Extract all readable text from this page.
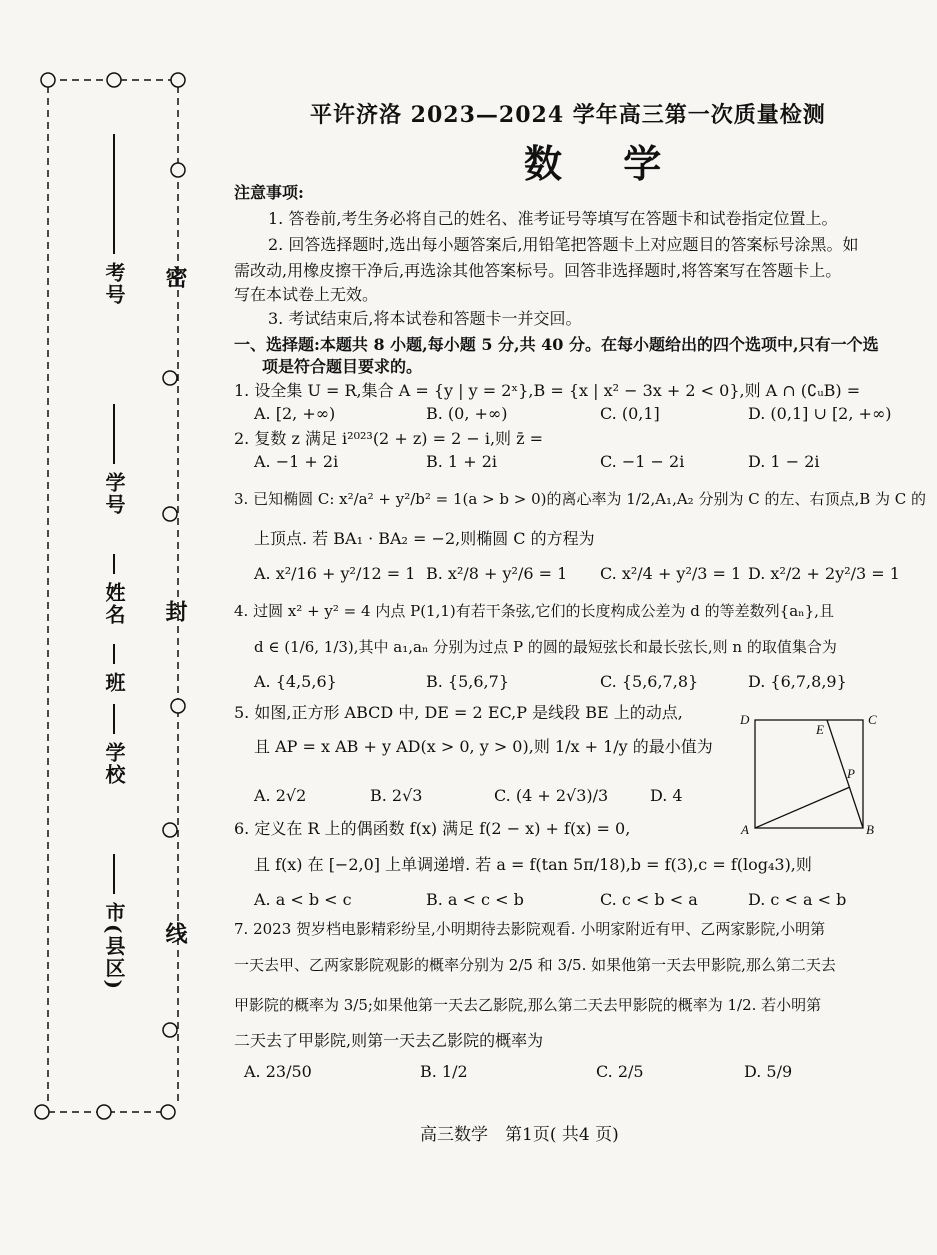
考号
学号
姓名
班
学校
市(县区)
密
封
线
平许济洛 2023—2024 学年高三第一次质量检测
数 学
注意事项:
1. 答卷前,考生务必将自己的姓名、准考证号等填写在答题卡和试卷指定位置上。
2. 回答选择题时,选出每小题答案后,用铅笔把答题卡上对应题目的答案标号涂黑。如
需改动,用橡皮擦干净后,再选涂其他答案标号。回答非选择题时,将答案写在答题卡上。
写在本试卷上无效。
3. 考试结束后,将本试卷和答题卡一并交回。
一、选择题:本题共 8 小题,每小题 5 分,共 40 分。在每小题给出的四个选项中,只有一个选
项是符合题目要求的。
1. 设全集 U = R,集合 A = {y | y = 2ˣ},B = {x | x² − 3x + 2 < 0},则 A ∩ (∁ᵤB) =
A. [2, +∞)	B. (0, +∞)	C. (0,1]	D. (0,1] ∪ [2, +∞)
2. 复数 z 满足 i²⁰²³(2 + z) = 2 − i,则 z̄ =
A. −1 + 2i	B. 1 + 2i	C. −1 − 2i	D. 1 − 2i
3. 已知椭圆 C: x²/a² + y²/b² = 1(a > b > 0)的离心率为 1/2,A₁,A₂ 分别为 C 的左、右顶点,B 为 C 的
上顶点. 若 BA₁ · BA₂ = −2,则椭圆 C 的方程为
A. x²/16 + y²/12 = 1 B. x²/8 + y²/6 = 1 C. x²/4 + y²/3 = 1 D. x²/2 + 2y²/3 = 1
4. 过圆 x² + y² = 4 内点 P(1,1)有若干条弦,它们的长度构成公差为 d 的等差数列{aₙ},且
d ∈ (1/6, 1/3),其中 a₁,aₙ 分别为过点 P 的圆的最短弦长和最长弦长,则 n 的取值集合为
A. {4,5,6}	B. {5,6,7}	C. {5,6,7,8}	D. {6,7,8,9}
5. 如图,正方形 ABCD 中, DE = 2 EC,P 是线段 BE 上的动点,
且 AP = x AB + y AD(x > 0, y > 0),则 1/x + 1/y 的最小值为
A. 2√2	B. 2√3	C. (4 + 2√3)/3	D. 4
D	C
E
P
A	B
6. 定义在 R 上的偶函数 f(x) 满足 f(2 − x) + f(x) = 0,
且 f(x) 在 [−2,0] 上单调递增. 若 a = f(tan 5π/18),b = f(3),c = f(log₄3),则
A. a < b < c	B. a < c < b	C. c < b < a	D. c < a < b
7. 2023 贺岁档电影精彩纷呈,小明期待去影院观看. 小明家附近有甲、乙两家影院,小明第
一天去甲、乙两家影院观影的概率分别为 2/5 和 3/5. 如果他第一天去甲影院,那么第二天去
甲影院的概率为 3/5;如果他第一天去乙影院,那么第二天去甲影院的概率为 1/2. 若小明第
二天去了甲影院,则第一天去乙影院的概率为
A. 23/50	B. 1/2	C. 2/5	D. 5/9
高三数学　第1页( 共4 页)
